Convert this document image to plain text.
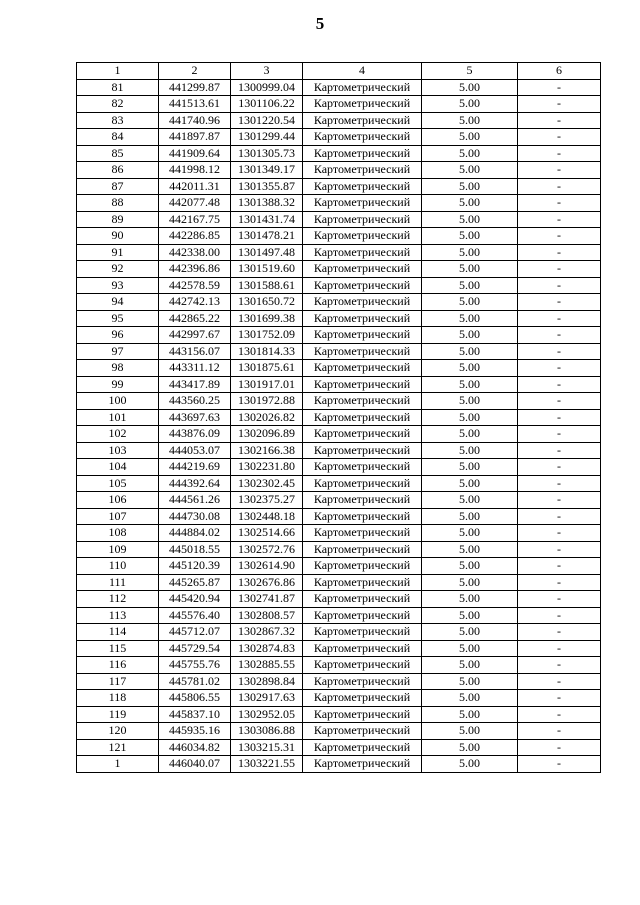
5
1	2	3	4	5	6
81	441299.87	1300999.04	Картометрический	5.00	-
82	441513.61	1301106.22	Картометрический	5.00	-
83	441740.96	1301220.54	Картометрический	5.00	-
84	441897.87	1301299.44	Картометрический	5.00	-
85	441909.64	1301305.73	Картометрический	5.00	-
86	441998.12	1301349.17	Картометрический	5.00	-
87	442011.31	1301355.87	Картометрический	5.00	-
88	442077.48	1301388.32	Картометрический	5.00	-
89	442167.75	1301431.74	Картометрический	5.00	-
90	442286.85	1301478.21	Картометрический	5.00	-
91	442338.00	1301497.48	Картометрический	5.00	-
92	442396.86	1301519.60	Картометрический	5.00	-
93	442578.59	1301588.61	Картометрический	5.00	-
94	442742.13	1301650.72	Картометрический	5.00	-
95	442865.22	1301699.38	Картометрический	5.00	-
96	442997.67	1301752.09	Картометрический	5.00	-
97	443156.07	1301814.33	Картометрический	5.00	-
98	443311.12	1301875.61	Картометрический	5.00	-
99	443417.89	1301917.01	Картометрический	5.00	-
100	443560.25	1301972.88	Картометрический	5.00	-
101	443697.63	1302026.82	Картометрический	5.00	-
102	443876.09	1302096.89	Картометрический	5.00	-
103	444053.07	1302166.38	Картометрический	5.00	-
104	444219.69	1302231.80	Картометрический	5.00	-
105	444392.64	1302302.45	Картометрический	5.00	-
106	444561.26	1302375.27	Картометрический	5.00	-
107	444730.08	1302448.18	Картометрический	5.00	-
108	444884.02	1302514.66	Картометрический	5.00	-
109	445018.55	1302572.76	Картометрический	5.00	-
110	445120.39	1302614.90	Картометрический	5.00	-
111	445265.87	1302676.86	Картометрический	5.00	-
112	445420.94	1302741.87	Картометрический	5.00	-
113	445576.40	1302808.57	Картометрический	5.00	-
114	445712.07	1302867.32	Картометрический	5.00	-
115	445729.54	1302874.83	Картометрический	5.00	-
116	445755.76	1302885.55	Картометрический	5.00	-
117	445781.02	1302898.84	Картометрический	5.00	-
118	445806.55	1302917.63	Картометрический	5.00	-
119	445837.10	1302952.05	Картометрический	5.00	-
120	445935.16	1303086.88	Картометрический	5.00	-
121	446034.82	1303215.31	Картометрический	5.00	-
1	446040.07	1303221.55	Картометрический	5.00	-
